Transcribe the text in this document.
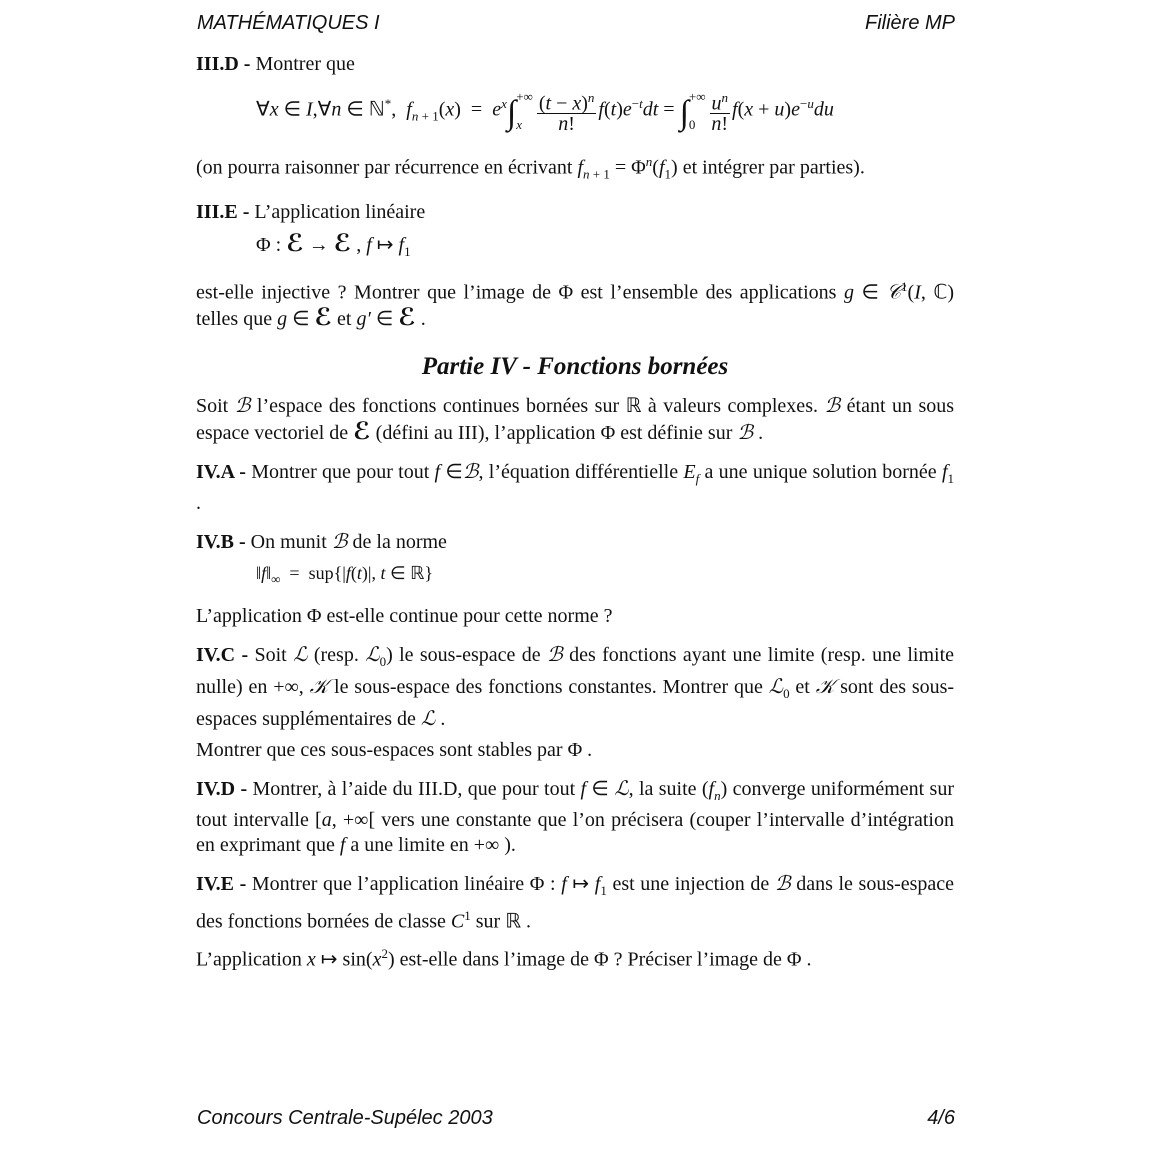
MATHÉMATIQUES I	Filière MP

III.D - Montrer que

∀x ∈ I,∀n ∈ ℕ*,  $f_{n + 1}(x) = e^x\int$ +∞
x $\frac{(t - x)^n}{n!} f(t)e^{-t}dt$ = ∫ +∞
$0 \frac{u^n}{n!} f(x + u)e^{-u}du$

(on pourra raisonner par récurrence en écrivant $f_{n + 1} = \Phi^n(f_1)$ et intégrer par parties).

III.E - L’application linéaire

Φ : ℰ → ℰ , f ↦ $f_1$

est-elle injective ? Montrer que l’image de Φ est l’ensemble des applications g ∈ 𝒞$^1$(I, ℂ) telles que g ∈ ℰ et g′ ∈ ℰ .

Partie IV - Fonctions bornées

Soit ℬ l’espace des fonctions continues bornées sur ℝ à valeurs complexes. ℬ étant un sous espace vectoriel de ℰ (défini au III), l’application Φ est définie sur ℬ .

IV.A - Montrer que pour tout f ∈ℬ, l’équation différentielle $E_f$ a une unique solution bornée $f_1$ .

IV.B - On munit ℬ de la norme

$‖f‖_\infty = sup\{|f(t)|$, t ∈ ℝ}

L’application Φ est-elle continue pour cette norme ?

IV.C - Soit ℒ (resp. ℒ$_0$) le sous-espace de ℬ des fonctions ayant une limite (resp. une limite nulle) en +∞, 𝒦 le sous-espace des fonctions constantes. Montrer que ℒ$_0$ et 𝒦 sont des sous-espaces supplémentaires de ℒ .

Montrer que ces sous-espaces sont stables par Φ .

IV.D - Montrer, à l’aide du III.D, que pour tout f ∈ ℒ, la suite $(f_n)$ converge uniformément sur tout intervalle [a, +∞[ vers une constante que l’on précisera (couper l’intervalle d’intégration en exprimant que f a une limite en +∞ ).

IV.E - Montrer que l’application linéaire Φ : f ↦ $f_1$ est une injection de ℬ dans le sous-espace des fonctions bornées de classe $C^1$ sur ℝ .

L’application x ↦ $\sin(x^2)$ est-elle dans l’image de Φ ? Préciser l’image de Φ .

Concours Centrale-Supélec 2003	4/6
